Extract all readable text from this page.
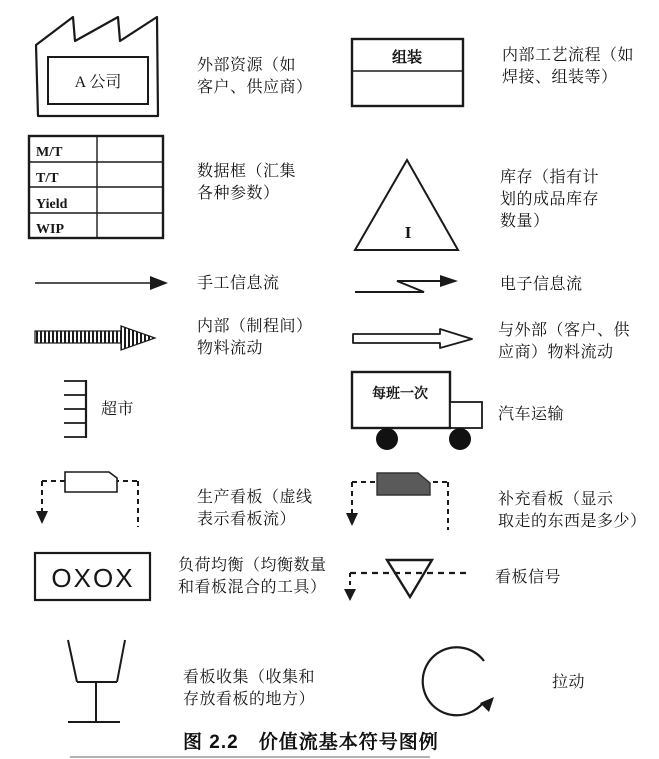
A 公司
组装
M/T
T/T
Yield
WIP	I
每班一次
OXOX
外部资源（如
客户、供应商）
内部工艺流程（如
焊接、组装等）
数据框（汇集
各种参数）
库存（指有计
划的成品库存
数量）
手工信息流	电子信息流
内部（制程间）
物料流动
与外部（客户、供
应商）物料流动
超市	汽车运输
生产看板（虚线
表示看板流）
补充看板（显示
取走的东西是多少）
负荷均衡（均衡数量
和看板混合的工具）
看板信号
看板收集（收集和
存放看板的地方）
拉动
图 2.2　价值流基本符号图例
